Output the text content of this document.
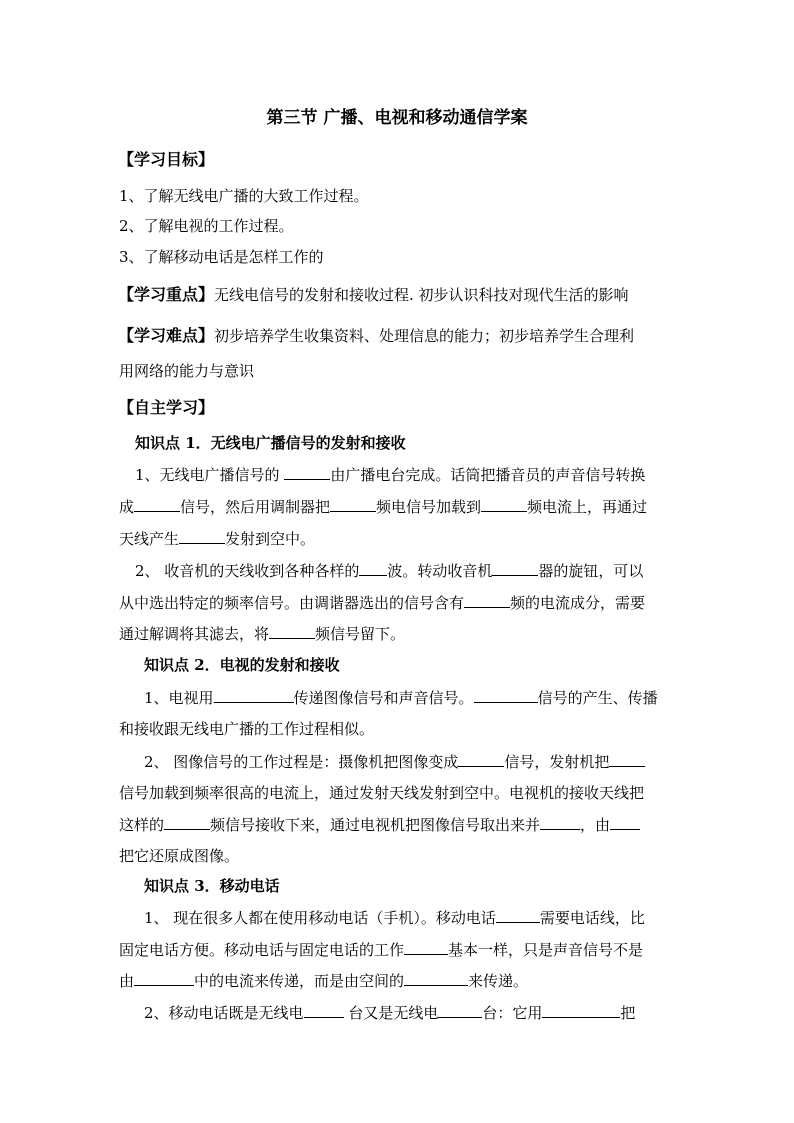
第三节 广播、电视和移动通信学案
【学习目标】
1、了解无线电广播的大致工作过程。
2、了解电视的工作过程。
3、了解移动电话是怎样工作的
【学习重点】无线电信号的发射和接收过程. 初步认识科技对现代生活的影响
【学习难点】初步培养学生收集资料、处理信息的能力；初步培养学生合理利
用网络的能力与意识
【自主学习】
知识点 1．无线电广播信号的发射和接收
1、无线电广播信号的	由广播电台完成。话筒把播音员的声音信号转换
成	信号，然后用调制器把	频电信号加载到	频电流上，再通过
天线产生	发射到空中。
2、 收音机的天线收到各种各样的 波。转动收音机	器的旋钮，可以
从中选出特定的频率信号。由调谐器选出的信号含有	频的电流成分，需要
通过解调将其滤去，将	频信号留下。
知识点 2．电视的发射和接收
1、电视用	传递图像信号和声音信号。	信号的产生、传播
和接收跟无线电广播的工作过程相似。
2、 图像信号的工作过程是：摄像机把图像变成	信号，发射机把
信号加载到频率很高的电流上，通过发射天线发射到空中。电视机的接收天线把
这样的	频信号接收下来，通过电视机把图像信号取出来并	，由
把它还原成图像。
知识点 3．移动电话
1、 现在很多人都在使用移动电话（手机）。移动电话	需要电话线，比
固定电话方便。移动电话与固定电话的工作	基本一样，只是声音信号不是
由	中的电流来传递，而是由空间的	来传递。
2、移动电话既是无线电	台又是无线电	台：它用	把
